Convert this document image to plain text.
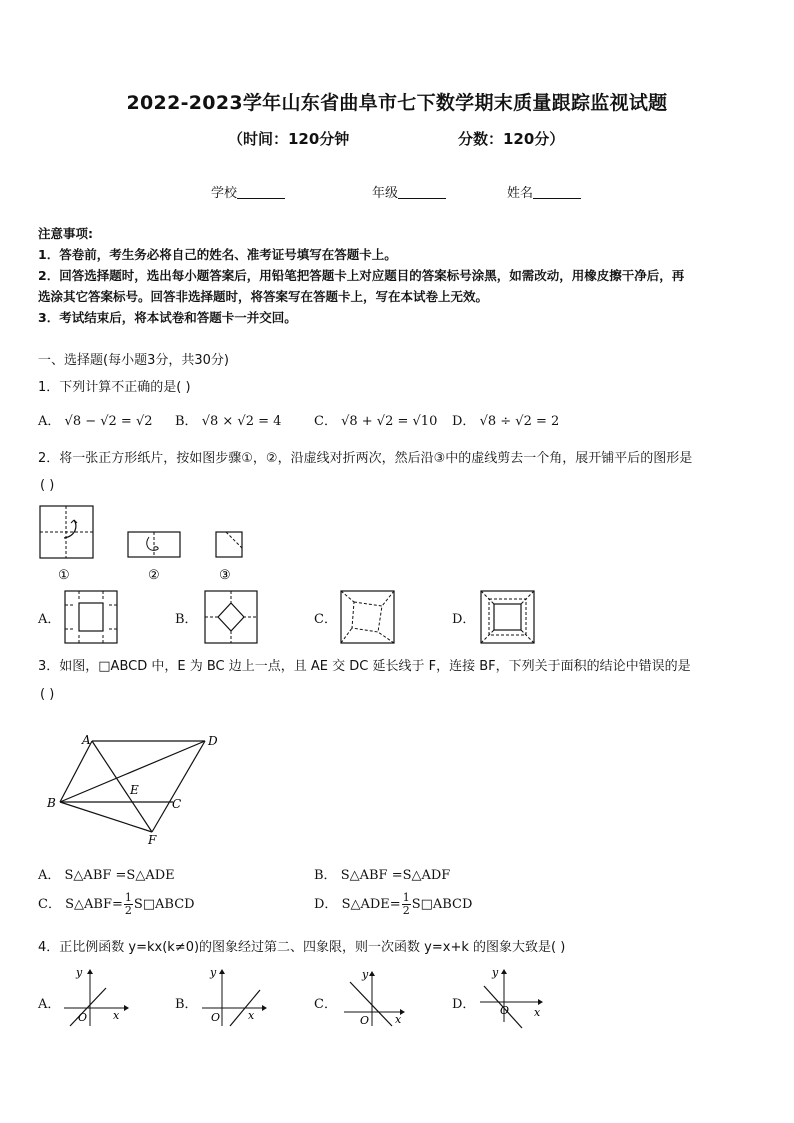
2022-2023学年山东省曲阜市七下数学期末质量跟踪监视试题
（时间：120分钟	分数：120分）
学校	年级	姓名
注意事项:
1．答卷前，考生务必将自己的姓名、准考证号填写在答题卡上。
2．回答选择题时，选出每小题答案后，用铅笔把答题卡上对应题目的答案标号涂黑，如需改动，用橡皮擦干净后，再
选涂其它答案标号。回答非选择题时，将答案写在答题卡上，写在本试卷上无效。
3．考试结束后，将本试卷和答题卡一并交回。
一、选择题(每小题3分，共30分)
1．下列计算不正确的是( )
A． √8 − √2 = √2 B． √8 × √2 = 4	C． √8 + √2 = √10 D． √8 ÷ √2 = 2
2．将一张正方形纸片，按如图步骤①，②，沿虚线对折两次，然后沿③中的虚线剪去一个角，展开铺平后的图形是
( )
①	②	③
A．	B．	C．	D．
3．如图，□ABCD 中，E 为 BC 边上一点，且 AE 交 DC 延长线于 F，连接 BF，下列关于面积的结论中错误的是
( )
A	D
E
B	C
F
A． S△ABF =S△ADE	B． S△ABF =S△ADF
C． S△ABF= $\frac{1}{2}$ S□ABCD	D． S△ADE= $\frac{1}{2}$ S□ABCD
4．正比例函数 y=kx(k≠0)的图象经过第二、四象限，则一次函数 y=x+k 的图象大致是( )
A．
y
x
O
B．
y
x
O
C．
y
x
O
D．
y
x
O
